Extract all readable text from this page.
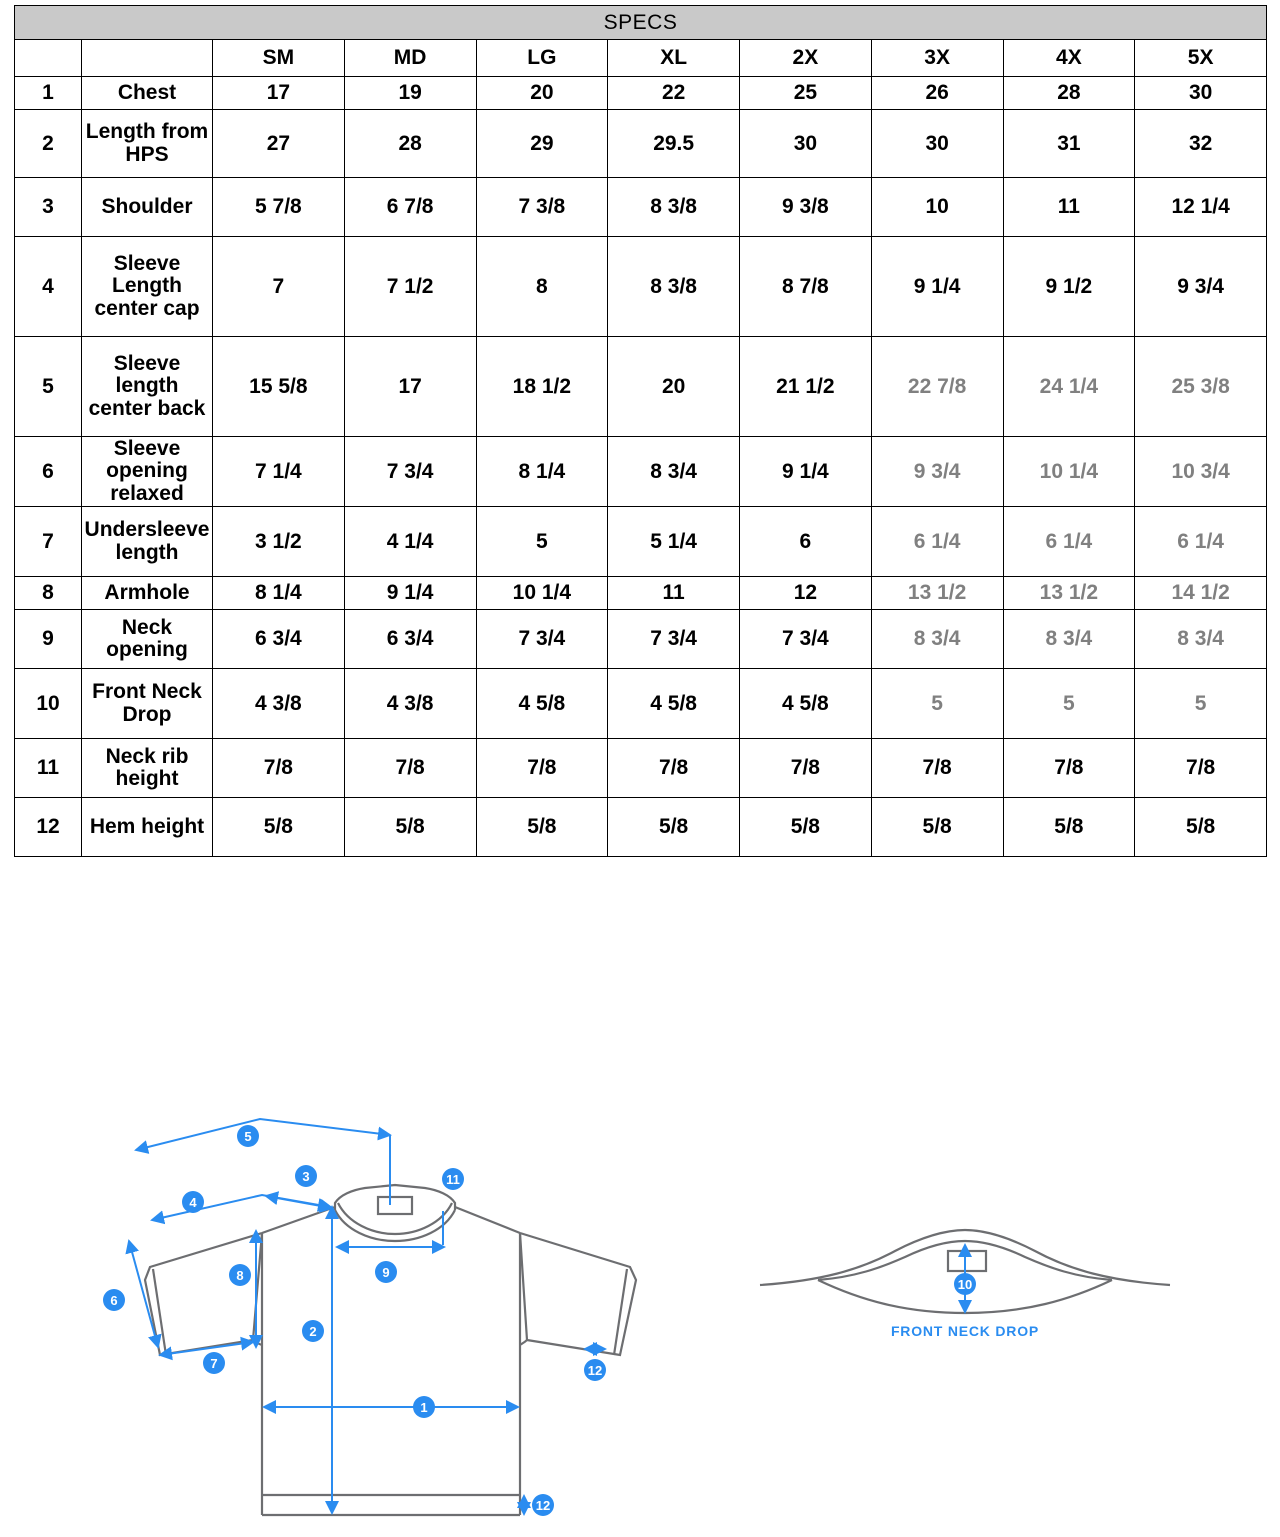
SPECS									
		SM	MD	LG	XL	2X	3X	4X	5X
1	Chest	17	19	20	22	25	26	28	30
2	Length from HPS	27	28	29	29.5	30	30	31	32
3	Shoulder	5 7/8	6 7/8	7 3/8	8 3/8	9 3/8	10	11	12 1/4
4	Sleeve Length center cap	7	7 1/2	8	8 3/8	8 7/8	9 1/4	9 1/2	9 3/4
5	Sleeve length center back	15 5/8	17	18 1/2	20	21 1/2	22 7/8	24 1/4	25 3/8
6	Sleeve opening relaxed	7 1/4	7 3/4	8 1/4	8 3/4	9 1/4	9 3/4	10 1/4	10 3/4
7	Undersleeve length	3 1/2	4 1/4	5	5 1/4	6	6 1/4	6 1/4	6 1/4
8	Armhole	8 1/4	9 1/4	10 1/4	11	12	13 1/2	13 1/2	14 1/2
9	Neck opening	6 3/4	6 3/4	7 3/4	7 3/4	7 3/4	8 3/4	8 3/4	8 3/4
10	Front Neck Drop	4 3/8	4 3/8	4 5/8	4 5/8	4 5/8	5	5	5
11	Neck rib height	7/8	7/8	7/8	7/8	7/8	7/8	7/8	7/8
12	Hem height	5/8	5/8	5/8	5/8	5/8	5/8	5/8	5/8
5
3	11
4
8	9
6
2
7	12
1
12
10
FRONT NECK DROP
